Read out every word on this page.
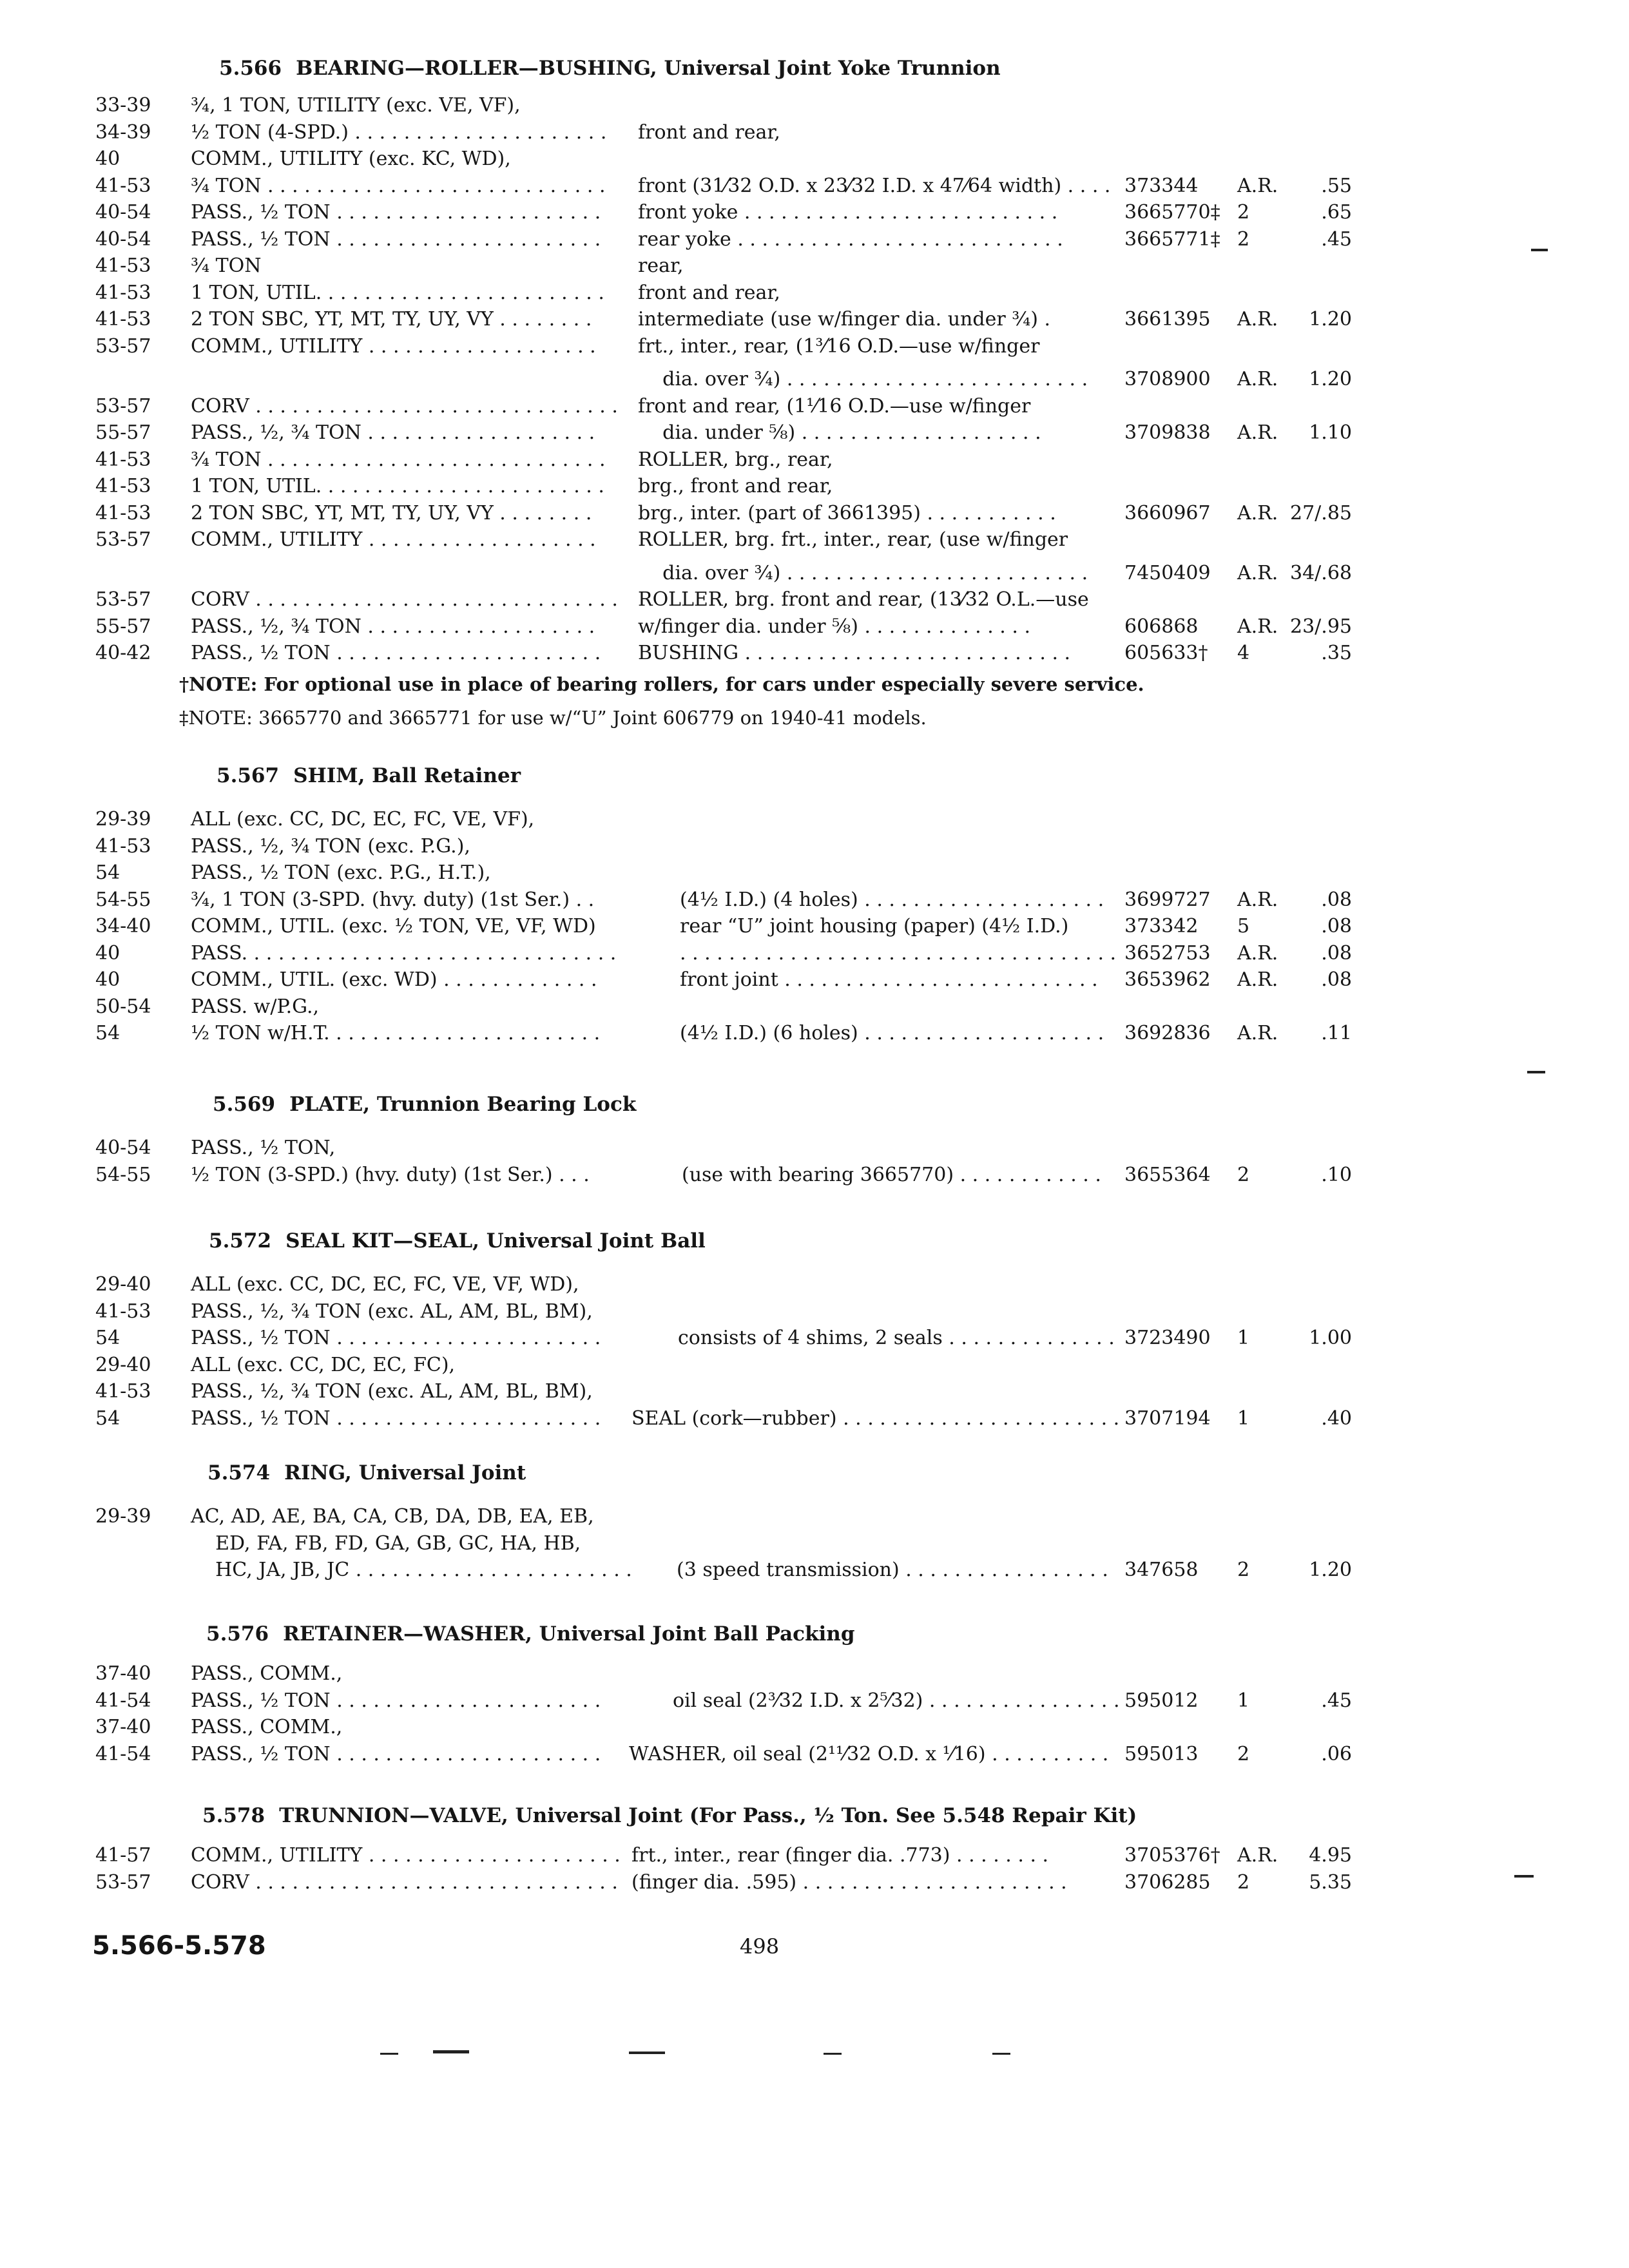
5.566 BEARING—ROLLER—BUSHING, Universal Joint Yoke Trunnion
33-39 ¾, 1 TON, UTILITY (exc. VE, VF),
34-39 ½ TON (4-SPD.) . . . . . . . . . . . . . . . . . . . . . front and rear,
40	COMM., UTILITY (exc. KC, WD),
41-53 ¾ TON . . . . . . . . . . . . . . . . . . . . . . . . . . . . front (31⁄32 O.D. x 23⁄32 I.D. x 47⁄64 width) . . . . 373344 A.R. .55
40-54 PASS., ½ TON . . . . . . . . . . . . . . . . . . . . . . front yoke . . . . . . . . . . . . . . . . . . . . . . . . . .	3665770‡ 2	.65
40-54 PASS., ½ TON . . . . . . . . . . . . . . . . . . . . . . rear yoke . . . . . . . . . . . . . . . . . . . . . . . . . . .	3665771‡ 2	.45
41-53 ¾ TON	rear,
41-53 1 TON, UTIL. . . . . . . . . . . . . . . . . . . . . . . . front and rear,
41-53 2 TON SBC, YT, MT, TY, UY, VY . . . . . . . . intermediate (use w/finger dia. under ¾) .	3661395 A.R. 1.20
53-57 COMM., UTILITY . . . . . . . . . . . . . . . . . . . frt., inter., rear, (1³⁄16 O.D.—use w/finger
dia. over ¾) . . . . . . . . . . . . . . . . . . . . . . . . . 3708900 A.R. 1.20
53-57 CORV . . . . . . . . . . . . . . . . . . . . . . . . . . . . . . front and rear, (1¹⁄16 O.D.—use w/finger
55-57 PASS., ½, ¾ TON . . . . . . . . . . . . . . . . . . . dia. under ⅝) . . . . . . . . . . . . . . . . . . . .	3709838 A.R. 1.10
41-53 ¾ TON . . . . . . . . . . . . . . . . . . . . . . . . . . . . ROLLER, brg., rear,
41-53 1 TON, UTIL. . . . . . . . . . . . . . . . . . . . . . . . brg., front and rear,
41-53 2 TON SBC, YT, MT, TY, UY, VY . . . . . . . . brg., inter. (part of 3661395) . . . . . . . . . . .	3660967 A.R. 27/.85
53-57 COMM., UTILITY . . . . . . . . . . . . . . . . . . . ROLLER, brg. frt., inter., rear, (use w/finger
dia. over ¾) . . . . . . . . . . . . . . . . . . . . . . . . . 7450409 A.R. 34/.68
53-57 CORV . . . . . . . . . . . . . . . . . . . . . . . . . . . . . . ROLLER, brg. front and rear, (13⁄32 O.L.—use
55-57 PASS., ½, ¾ TON . . . . . . . . . . . . . . . . . . . w/finger dia. under ⅝) . . . . . . . . . . . . . .	606868 A.R. 23/.95
40-42 PASS., ½ TON . . . . . . . . . . . . . . . . . . . . . . BUSHING . . . . . . . . . . . . . . . . . . . . . . . . . . .	605633† 4	.35
†NOTE: For optional use in place of bearing rollers, for cars under especially severe service.
‡NOTE: 3665770 and 3665771 for use w/“U” Joint 606779 on 1940-41 models.
5.567 SHIM, Ball Retainer
29-39 ALL (exc. CC, DC, EC, FC, VE, VF),
41-53 PASS., ½, ¾ TON (exc. P.G.),
54	PASS., ½ TON (exc. P.G., H.T.),
54-55 ¾, 1 TON (3-SPD. (hvy. duty) (1st Ser.) . .	(4½ I.D.) (4 holes) . . . . . . . . . . . . . . . . . . . . 3699727 A.R. .08
34-40 COMM., UTIL. (exc. ½ TON, VE, VF, WD)	rear “U” joint housing (paper) (4½ I.D.)	373342 5	.08
40	PASS. . . . . . . . . . . . . . . . . . . . . . . . . . . . . . .	. . . . . . . . . . . . . . . . . . . . . . . . . . . . . . . . . . . . 3652753 A.R. .08
40	COMM., UTIL. (exc. WD) . . . . . . . . . . . . .	front joint . . . . . . . . . . . . . . . . . . . . . . . . . . 3653962 A.R. .08
50-54 PASS. w/P.G.,
54	½ TON w/H.T. . . . . . . . . . . . . . . . . . . . . . .	(4½ I.D.) (6 holes) . . . . . . . . . . . . . . . . . . . . 3692836 A.R. .11
5.569 PLATE, Trunnion Bearing Lock
40-54 PASS., ½ TON,
54-55 ½ TON (3-SPD.) (hvy. duty) (1st Ser.) . . .	(use with bearing 3665770) . . . . . . . . . . . . 3655364 2	.10
5.572 SEAL KIT—SEAL, Universal Joint Ball
29-40 ALL (exc. CC, DC, EC, FC, VE, VF, WD),
41-53 PASS., ½, ¾ TON (exc. AL, AM, BL, BM),
54	PASS., ½ TON . . . . . . . . . . . . . . . . . . . . . .	consists of 4 shims, 2 seals . . . . . . . . . . . . . . 3723490 1	1.00
29-40 ALL (exc. CC, DC, EC, FC),
41-53 PASS., ½, ¾ TON (exc. AL, AM, BL, BM),
54	PASS., ½ TON . . . . . . . . . . . . . . . . . . . . . . SEAL (cork—rubber) . . . . . . . . . . . . . . . . . . . . . . . 3707194 1	.40
5.574 RING, Universal Joint
29-39 AC, AD, AE, BA, CA, CB, DA, DB, EA, EB,
ED, FA, FB, FD, GA, GB, GC, HA, HB,
HC, JA, JB, JC . . . . . . . . . . . . . . . . . . . . . . . (3 speed transmission) . . . . . . . . . . . . . . . . . 347658 2	1.20
5.576 RETAINER—WASHER, Universal Joint Ball Packing
37-40 PASS., COMM.,
41-54 PASS., ½ TON . . . . . . . . . . . . . . . . . . . . . .	oil seal (2³⁄32 I.D. x 2⁵⁄32) . . . . . . . . . . . . . . . . 595012 1	.45
37-40 PASS., COMM.,
41-54 PASS., ½ TON . . . . . . . . . . . . . . . . . . . . . . WASHER, oil seal (2¹¹⁄32 O.D. x ¹⁄16) . . . . . . . . . . 595013 2	.06
5.578 TRUNNION—VALVE, Universal Joint (For Pass., ½ Ton. See 5.548 Repair Kit)
41-57 COMM., UTILITY . . . . . . . . . . . . . . . . . . . . . frt., inter., rear (finger dia. .773) . . . . . . . .	3705376† A.R. 4.95
53-57 CORV . . . . . . . . . . . . . . . . . . . . . . . . . . . . . . (finger dia. .595) . . . . . . . . . . . . . . . . . . . . . .	3706285 2	5.35
5.566-5.578	498
